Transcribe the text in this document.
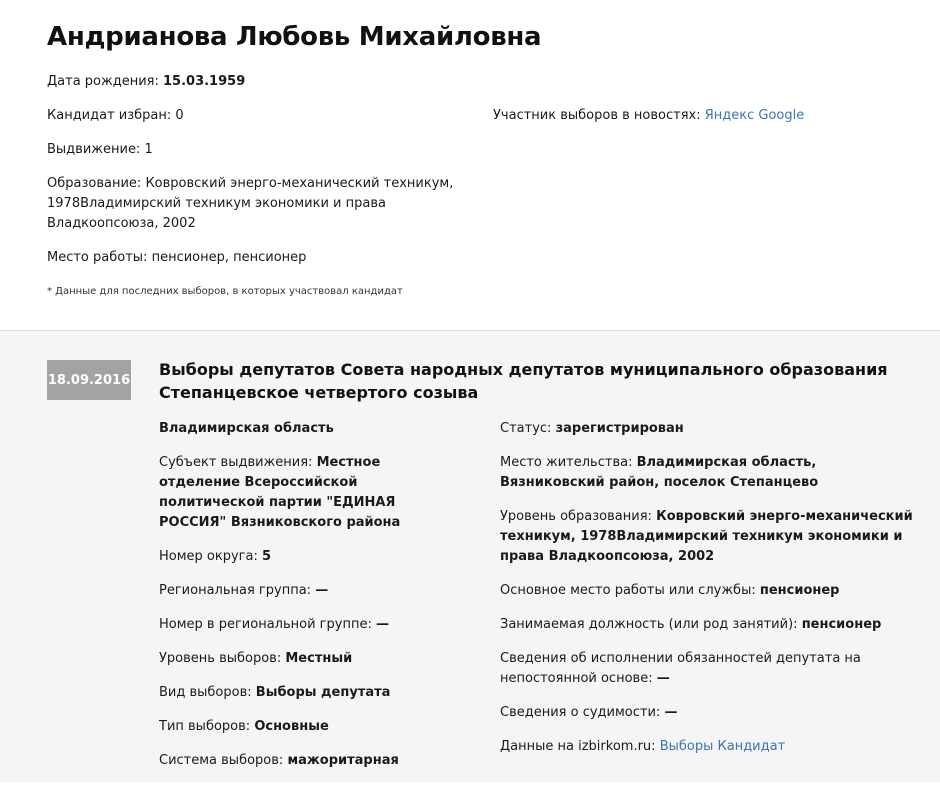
Андрианова Любовь Михайловна

Дата рождения: 15.03.1959

Кандидат избран: 0	Участник выборов в новостях: Яндекс Google

Выдвижение: 1

Образование: Ковровский энерго-механический техникум, 1978Владимирский техникум экономики и права Владкоопсоюза, 2002

Место работы: пенсионер, пенсионер

* Данные для последних выборов, в которых участвовал кандидат
18.09.2016
Выборы депутатов Совета народных депутатов муниципального образования Степанцевское четвертого созыва

Владимирская область

Субъект выдвижения: Местное отделение Всероссийской политической партии "ЕДИНАЯ РОССИЯ" Вязниковского района

Номер округа: 5

Региональная группа: —

Номер в региональной группе: —

Уровень выборов: Местный

Вид выборов: Выборы депутата

Тип выборов: Основные

Система выборов: мажоритарная

Статус: зарегистрирован

Место жительства: Владимирская область, Вязниковский район, поселок Степанцево

Уровень образования: Ковровский энерго-механический техникум, 1978Владимирский техникум экономики и права Владкоопсоюза, 2002

Основное место работы или службы: пенсионер

Занимаемая должность (или род занятий): пенсионер

Сведения об исполнении обязанностей депутата на непостоянной основе: —

Сведения о судимости: —

Данные на izbirkom.ru: Выборы Кандидат
